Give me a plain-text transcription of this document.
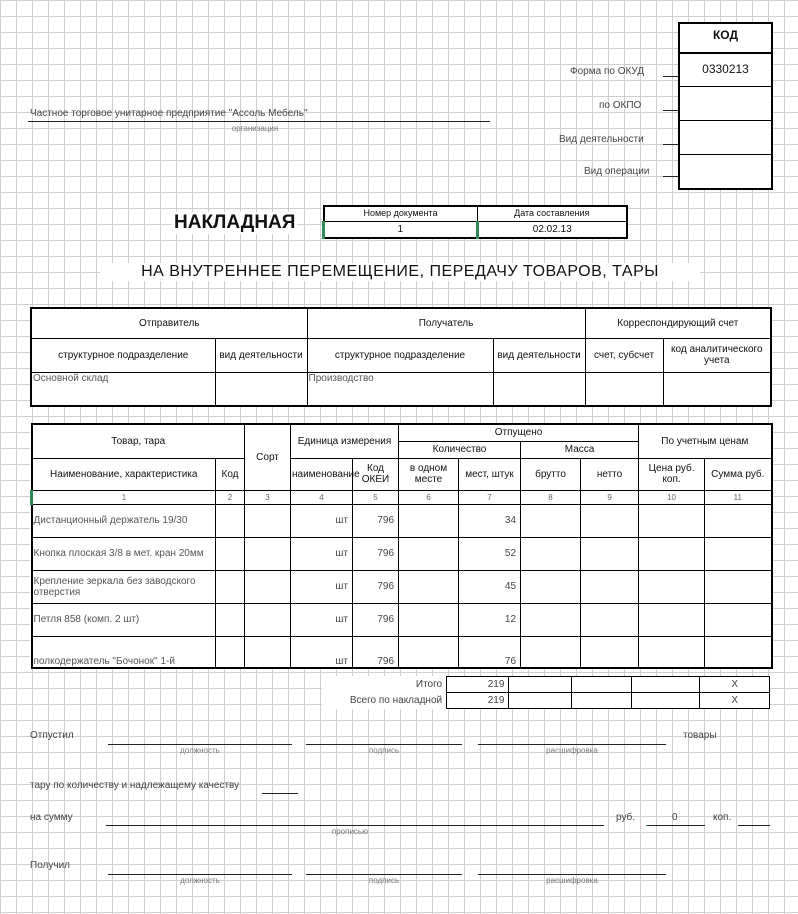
КОД
0330213
Форма по ОКУД
по ОКПО
Вид деятельности
Вид операции
Частное торговое унитарное предприятие "Ассоль Мебель"
организация
НАКЛАДНАЯ	Номер документа	Дата составления
1	02.02.13
НА ВНУТРЕННЕЕ ПЕРЕМЕЩЕНИЕ, ПЕРЕДАЧУ ТОВАРОВ, ТАРЫ
Отправитель		Получатель		Корреспондирующий счет	
структурное подразделение	вид деятельности	структурное подразделение	вид деятельности	счет, субсчет	код аналитического учета
Основной склад		Производство			
Товар, тара		Сорт	Единица измерения		Отпущено				По учетным ценам	
					Количество		Масса			
Наименование, характеристика	Код		наименование	Код ОКЕИ	в одном месте	мест, штук	брутто	нетто	Цена руб. коп.	Сумма руб.
1	2	3	4	5	6	7	8	9	10	11
Дистанционный держатель 19/30			шт	796		34				
Кнопка плоская 3/8 в мет. кран 20мм			шт	796		52				
Крепление зеркала без заводского отверстия			шт	796		45				
Петля 858 (комп. 2 шт)			шт	796		12				
полкодержатель "Бочонок" 1-й			шт	796		76				
Итого	219				Х
Всего по накладной	219				Х
Отпустил	товары
должность	подпись	расшифровка
тару по количеству и надлежащему качеству
на сумму
прописью
руб.	0	коп.
Получил
должность	подпись	расшифровка
